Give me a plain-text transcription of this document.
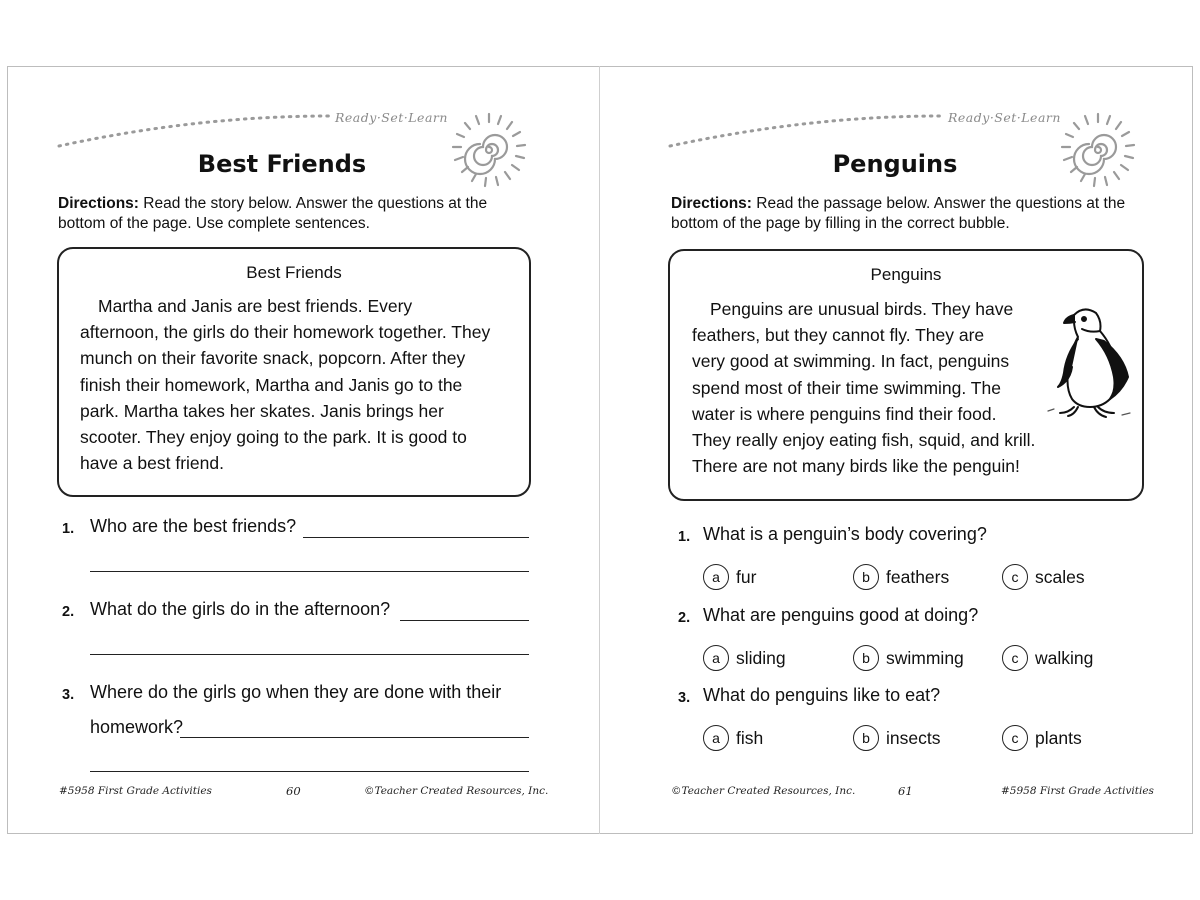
Ready·Set·Learn
Best Friends
Directions: Read the story below. Answer the questions at the bottom of the page. Use complete sentences.
Best Friends
Martha and Janis are best friends. Every
afternoon, the girls do their homework together. They
munch on their favorite snack, popcorn. After they
finish their homework, Martha and Janis go to the
park. Martha takes her skates. Janis brings her
scooter. They enjoy going to the park. It is good to
have a best friend.
1. Who are the best friends?
2. What do the girls do in the afternoon?
3. Where do the girls go when they are done with their
homework?
#5958 First Grade Activities	60	©Teacher Created Resources, Inc.
Ready·Set·Learn
Penguins
Directions: Read the passage below. Answer the questions at the bottom of the page by filling in the correct bubble.
Penguins
Penguins are unusual birds. They have
feathers, but they cannot fly. They are
very good at swimming. In fact, penguins
spend most of their time swimming. The
water is where penguins find their food.
They really enjoy eating fish, squid, and krill.
There are not many birds like the penguin!
1. What is a penguin’s body covering?
a fur	b feathers	c scales
2. What are penguins good at doing?
a sliding	b swimming	c walking
3. What do penguins like to eat?
a fish	b insects	c plants
©Teacher Created Resources, Inc.	61	#5958 First Grade Activities
